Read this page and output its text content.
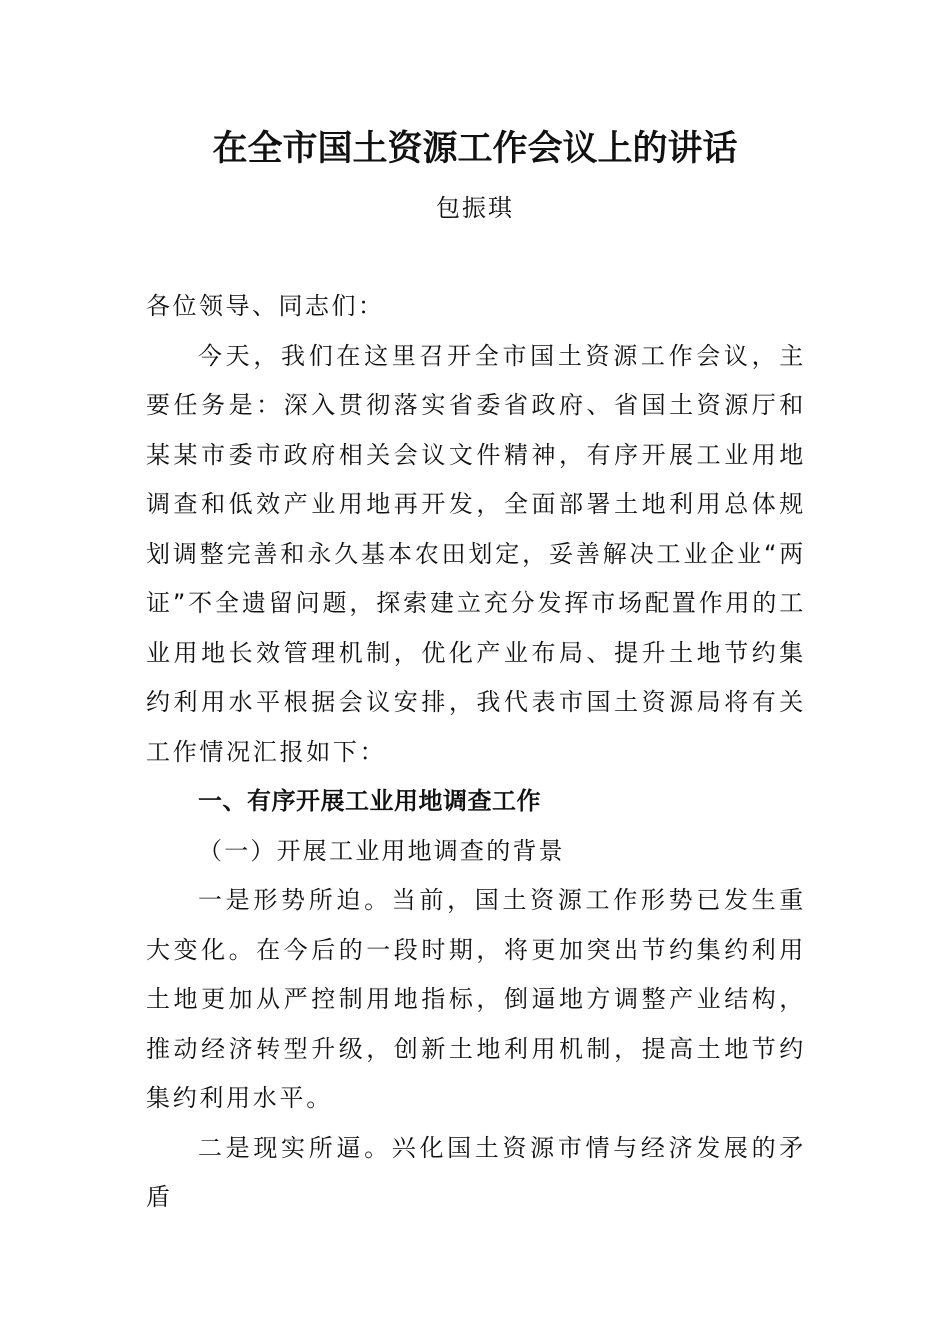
在全市国土资源工作会议上的讲话
包振琪

各位领导、同志们：

今天，我们在这里召开全市国土资源工作会议，主要任务是：深入贯彻落实省委省政府、省国土资源厅和某某市委市政府相关会议文件精神，有序开展工业用地调查和低效产业用地再开发，全面部署土地利用总体规划调整完善和永久基本农田划定，妥善解决工业企业“两证”不全遗留问题，探索建立充分发挥市场配置作用的工业用地长效管理机制，优化产业布局、提升土地节约集约利用水平根据会议安排，我代表市国土资源局将有关工作情况汇报如下：

一、有序开展工业用地调查工作

（一）开展工业用地调查的背景

一是形势所迫。当前，国土资源工作形势已发生重大变化。在今后的一段时期，将更加突出节约集约利用土地更加从严控制用地指标，倒逼地方调整产业结构，推动经济转型升级，创新土地利用机制，提高土地节约集约利用水平。

二是现实所逼。兴化国土资源市情与经济发展的矛盾
